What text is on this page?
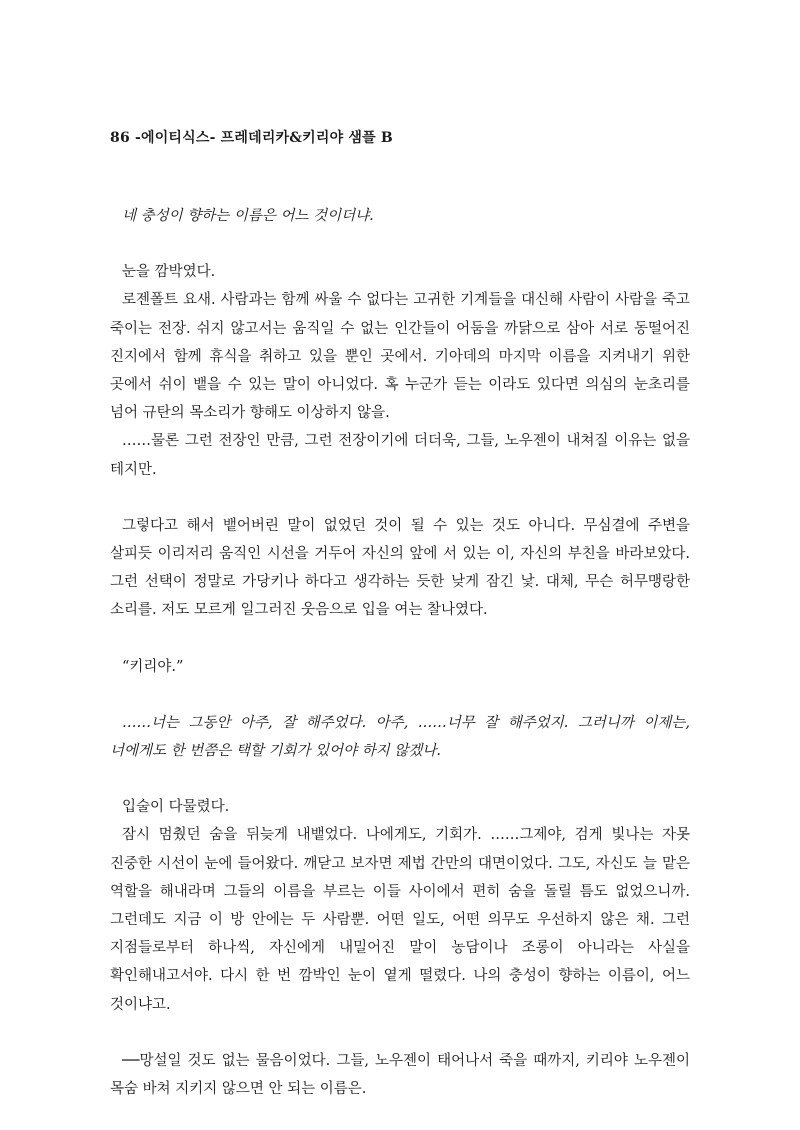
86 -에이티식스- 프레데리카&키리야 샘플 B

네 충성이 향하는 이름은 어느 것이더냐.

눈을 깜박였다.

로젠폴트 요새. 사람과는 함께 싸울 수 없다는 고귀한 기계들을 대신해 사람이 사람을 죽고 죽이는 전장. 쉬지 않고서는 움직일 수 없는 인간들이 어둠을 까닭으로 삼아 서로 동떨어진 진지에서 함께 휴식을 취하고 있을 뿐인 곳에서. 기아데의 마지막 이름을 지켜내기 위한 곳에서 쉬이 뱉을 수 있는 말이 아니었다. 혹 누군가 듣는 이라도 있다면 의심의 눈초리를 넘어 규탄의 목소리가 향해도 이상하지 않을.

……물론 그런 전장인 만큼, 그런 전장이기에 더더욱, 그들, 노우젠이 내쳐질 이유는 없을 테지만.

그렇다고 해서 뱉어버린 말이 없었던 것이 될 수 있는 것도 아니다. 무심결에 주변을 살피듯 이리저리 움직인 시선을 거두어 자신의 앞에 서 있는 이, 자신의 부친을 바라보았다. 그런 선택이 정말로 가당키나 하다고 생각하는 듯한 낮게 잠긴 낯. 대체, 무슨 허무맹랑한 소리를. 저도 모르게 일그러진 웃음으로 입을 여는 찰나였다.

“키리야.”

……너는 그동안 아주, 잘 해주었다. 아주, ……너무 잘 해주었지. 그러니까 이제는, 너에게도 한 번쯤은 택할 기회가 있어야 하지 않겠나.

입술이 다물렸다.

잠시 멈췄던 숨을 뒤늦게 내뱉었다. 나에게도, 기회가. ……그제야, 검게 빛나는 자못 진중한 시선이 눈에 들어왔다. 깨닫고 보자면 제법 간만의 대면이었다. 그도, 자신도 늘 맡은 역할을 해내라며 그들의 이름을 부르는 이들 사이에서 편히 숨을 돌릴 틈도 없었으니까. 그런데도 지금 이 방 안에는 두 사람뿐. 어떤 일도, 어떤 의무도 우선하지 않은 채. 그런 지점들로부터 하나씩, 자신에게 내밀어진 말이 농담이나 조롱이 아니라는 사실을 확인해내고서야. 다시 한 번 깜박인 눈이 옅게 떨렸다. 나의 충성이 향하는 이름이, 어느 것이냐고.

──망설일 것도 없는 물음이었다. 그들, 노우젠이 태어나서 죽을 때까지, 키리야 노우젠이 목숨 바쳐 지키지 않으면 안 되는 이름은.
